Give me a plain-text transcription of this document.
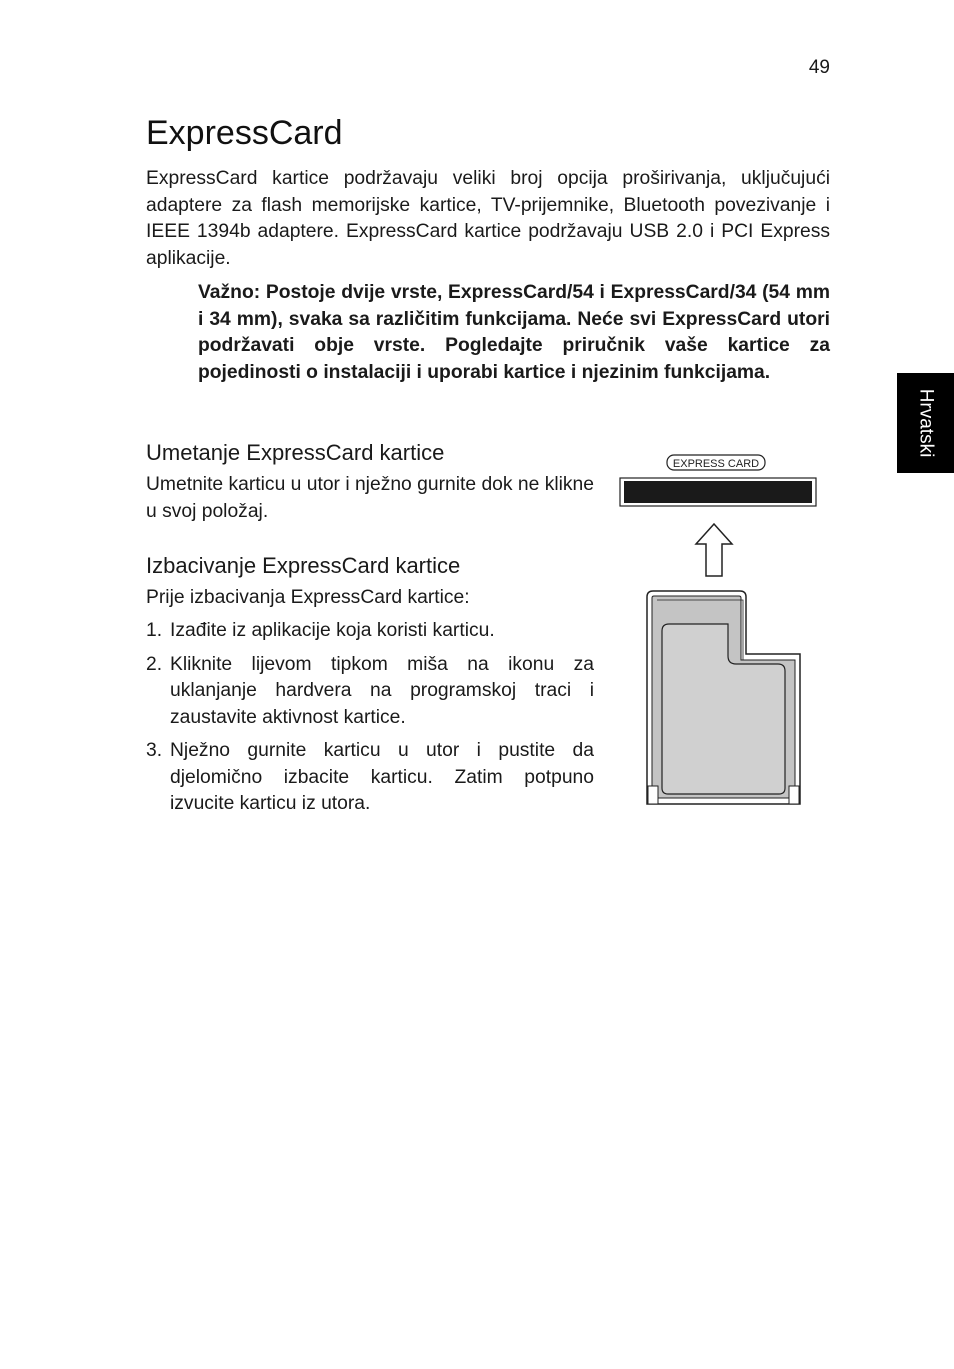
49
Hrvatski
ExpressCard

ExpressCard kartice podržavaju veliki broj opcija proširivanja, uključujući adaptere za flash memorijske kartice, TV-prijemnike, Bluetooth povezivanje i IEEE 1394b adaptere. ExpressCard kartice podržavaju USB 2.0 i PCI Express aplikacije.

Važno: Postoje dvije vrste, ExpressCard/54 i ExpressCard/34 (54 mm i 34 mm), svaka sa različitim funkcijama. Neće svi ExpressCard utori podržavati obje vrste. Pogledajte priručnik vaše kartice za pojedinosti o instalaciji i uporabi kartice i njezinim funkcijama.

Umetanje ExpressCard kartice

Umetnite karticu u utor i nježno gurnite dok ne klikne u svoj položaj.

Izbacivanje ExpressCard kartice

Prije izbacivanja ExpressCard kartice:

1. Izađite iz aplikacije koja koristi karticu.
2. Kliknite lijevom tipkom miša na ikonu za uklanjanje hardvera na programskoj traci i zaustavite aktivnost kartice.
3. Nježno gurnite karticu u utor i pustite da djelomično izbacite karticu. Zatim potpuno izvucite karticu iz utora.
EXPRESS CARD
